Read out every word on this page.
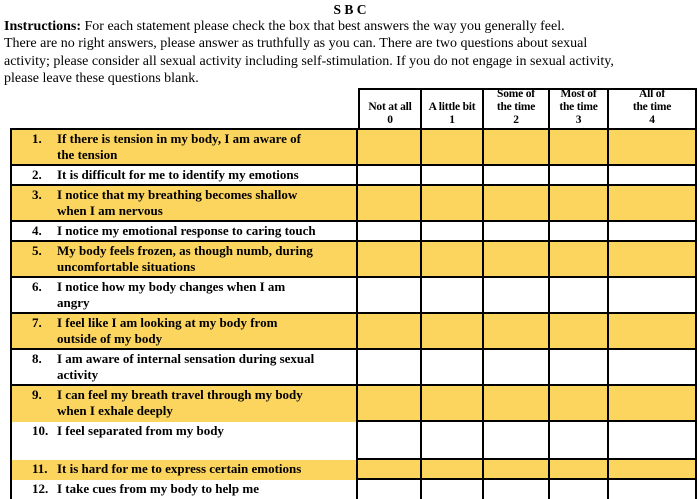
S B C
Instructions: For each statement please check the box that best answers the way you generally feel.
There are no right answers, please answer as truthfully as you can. There are two questions about sexual
activity; please consider all sexual activity including self-stimulation. If you do not engage in sexual activity,
please leave these questions blank.
Not at all
0
A little bit
1
Some of
the time
2
Most of
the time
3
All of
the time
4
1.	If there is tension in my body, I am aware of
the tension
2.	It is difficult for me to identify my emotions
3.	I notice that my breathing becomes shallow
when I am nervous
4.	I notice my emotional response to caring touch
5.	My body feels frozen, as though numb, during
uncomfortable situations
6.	I notice how my body changes when I am
angry
7.	I feel like I am looking at my body from
outside of my body
8.	I am aware of internal sensation during sexual
activity
9.	I can feel my breath travel through my body
when I exhale deeply
10. I feel separated from my body
11. It is hard for me to express certain emotions
12. I take cues from my body to help me
